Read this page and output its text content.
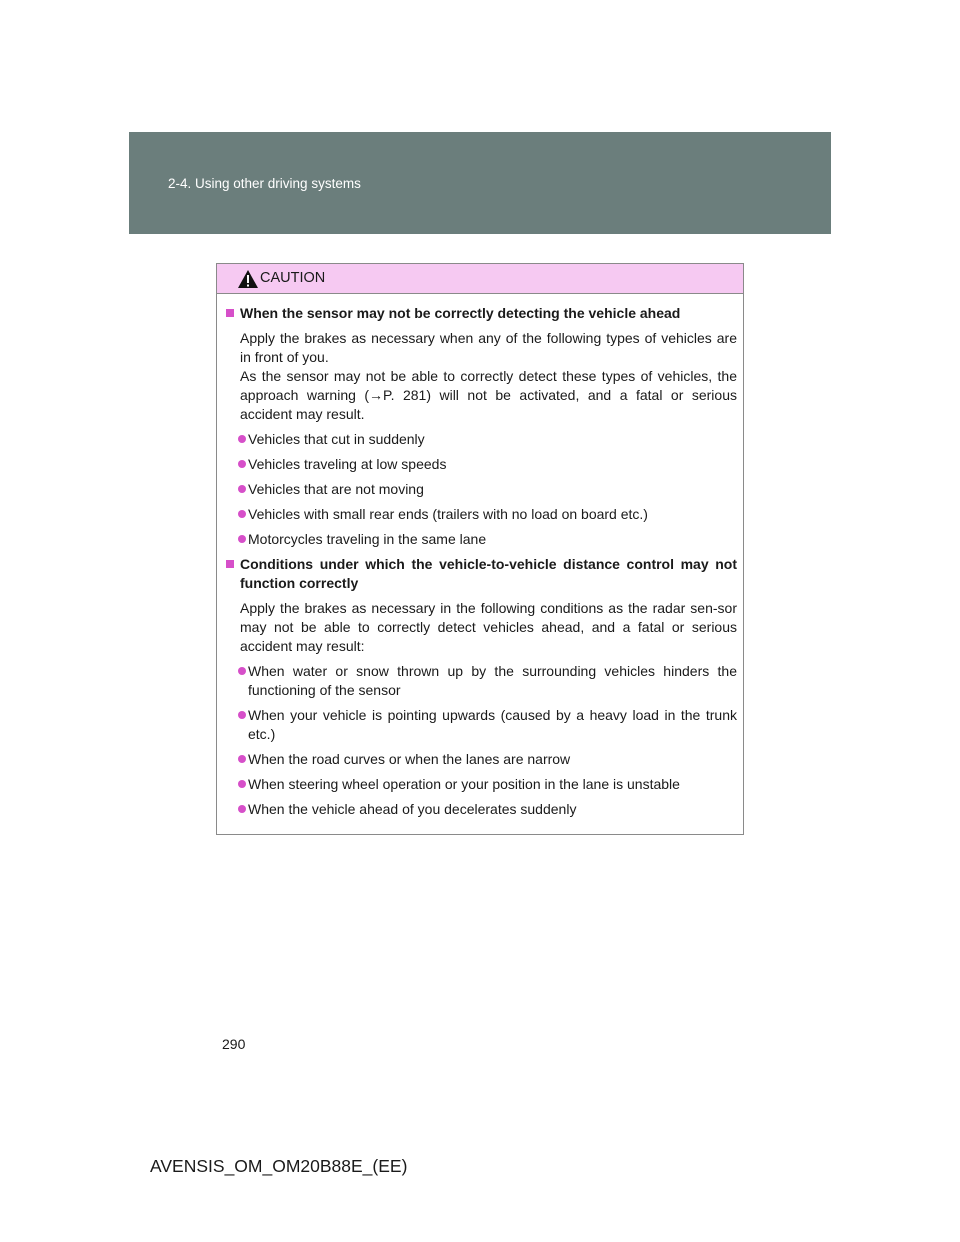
2-4. Using other driving systems
CAUTION
When the sensor may not be correctly detecting the vehicle ahead
Apply the brakes as necessary when any of the following types of vehicles are in front of you.
As the sensor may not be able to correctly detect these types of vehicles, the approach warning (→P. 281) will not be activated, and a fatal or serious accident may result.
Vehicles that cut in suddenly
Vehicles traveling at low speeds
Vehicles that are not moving
Vehicles with small rear ends (trailers with no load on board etc.)
Motorcycles traveling in the same lane
Conditions under which the vehicle-to-vehicle distance control may not function correctly
Apply the brakes as necessary in the following conditions as the radar sen-sor may not be able to correctly detect vehicles ahead, and a fatal or serious accident may result:
When water or snow thrown up by the surrounding vehicles hinders the functioning of the sensor
When your vehicle is pointing upwards (caused by a heavy load in the trunk etc.)
When the road curves or when the lanes are narrow
When steering wheel operation or your position in the lane is unstable
When the vehicle ahead of you decelerates suddenly
290
AVENSIS_OM_OM20B88E_(EE)
